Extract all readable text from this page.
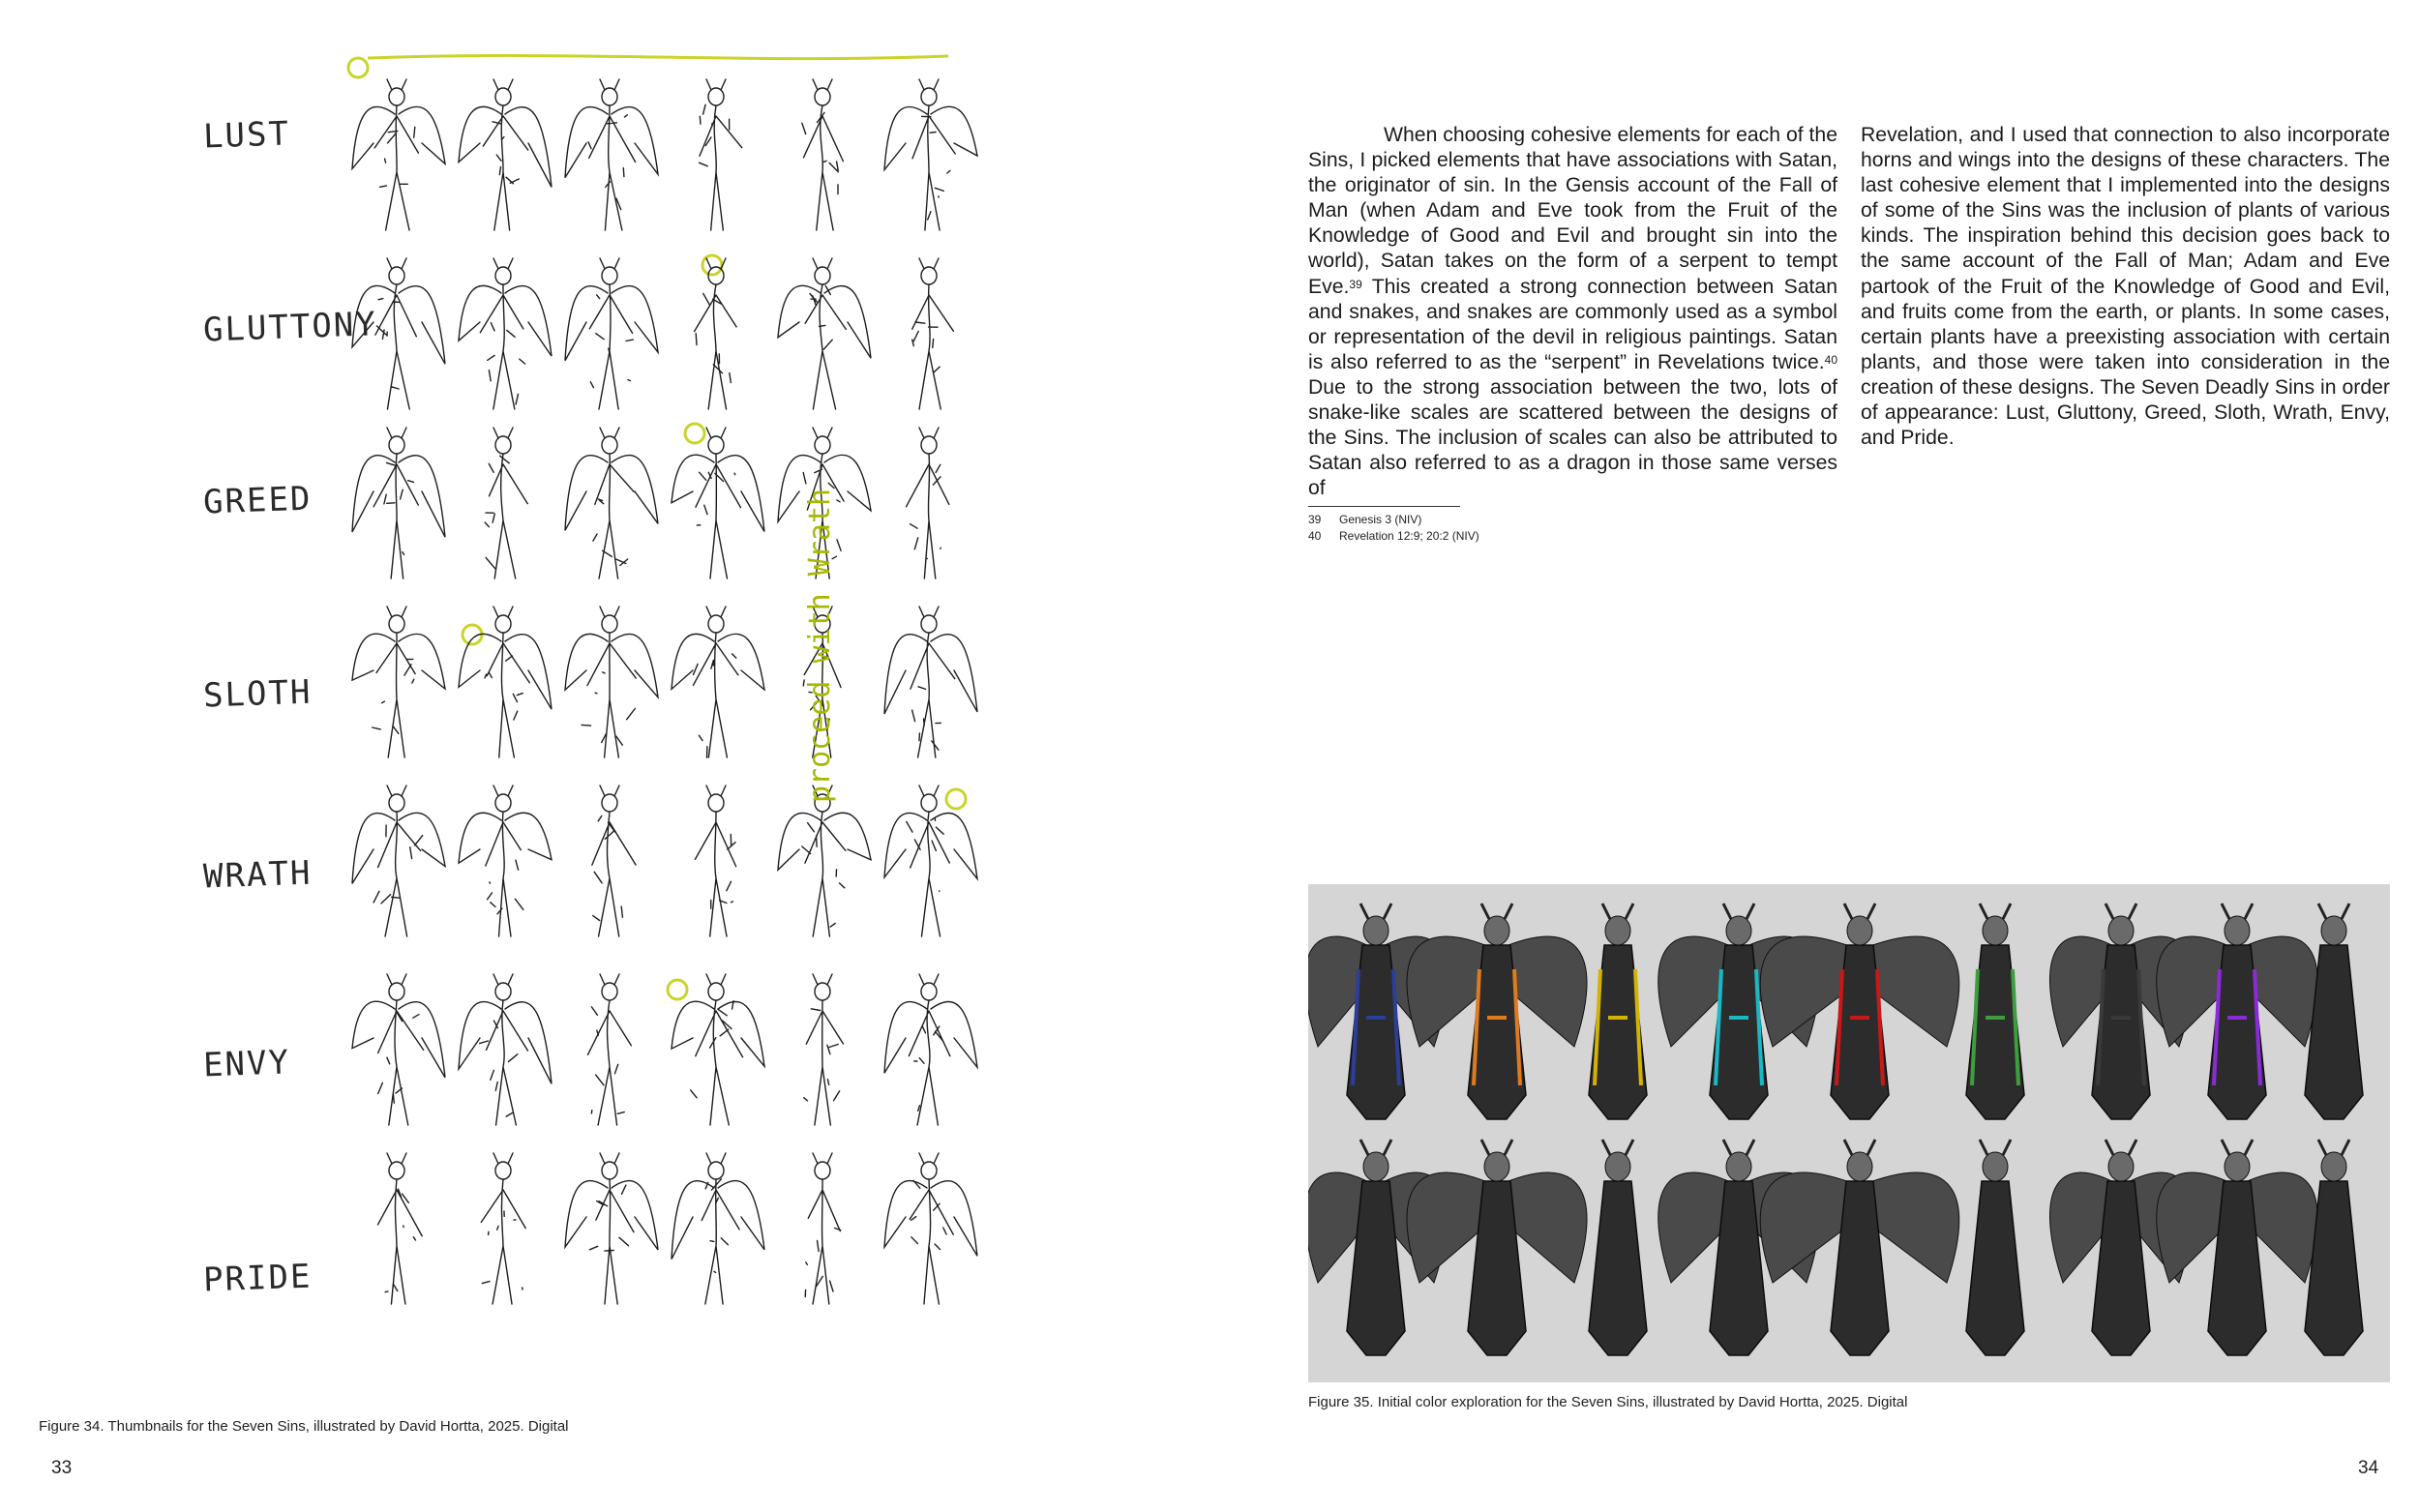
LUST
GLUTTONY
GREED
SLOTH
WRATH
ENVY
PRIDE
proceed with Wrath
Figure 34. Thumbnails for the Seven Sins, illustrated by David Hortta, 2025. Digital
33
When choosing cohesive elements for each of the Sins, I picked elements that have associations with Satan, the originator of sin. In the Gensis account of the Fall of Man (when Adam and Eve took from the Fruit of the Knowledge of Good and Evil and brought sin into the world), Satan takes on the form of a serpent to tempt Eve.$^{39}$ This created a strong connection between Satan and snakes, and snakes are commonly used as a symbol or representation of the devil in religious paintings. Satan is also referred to as the “serpent” in Revelations twice.$^{40}$ Due to the strong association between the two, lots of snake-like scales are scattered between the designs of the Sins. The inclusion of scales can also be attributed to Satan also referred to as a dragon in those same verses of
Revelation, and I used that connection to also incorporate horns and wings into the designs of these characters. The last cohesive element that I implemented into the designs of some of the Sins was the inclusion of plants of various kinds. The inspiration behind this decision goes back to the same account of the Fall of Man; Adam and Eve partook of the Fruit of the Knowledge of Good and Evil, and fruits come from the earth, or plants. In some cases, certain plants have a preexisting association with certain plants, and those were taken into consideration in the creation of these designs. The Seven Deadly Sins in order of appearance: Lust, Gluttony, Greed, Sloth, Wrath, Envy, and Pride.
39	Genesis 3 (NIV)
40	Revelation 12:9; 20:2 (NIV)
Figure 35. Initial color exploration for the Seven Sins, illustrated by David Hortta, 2025. Digital
34
